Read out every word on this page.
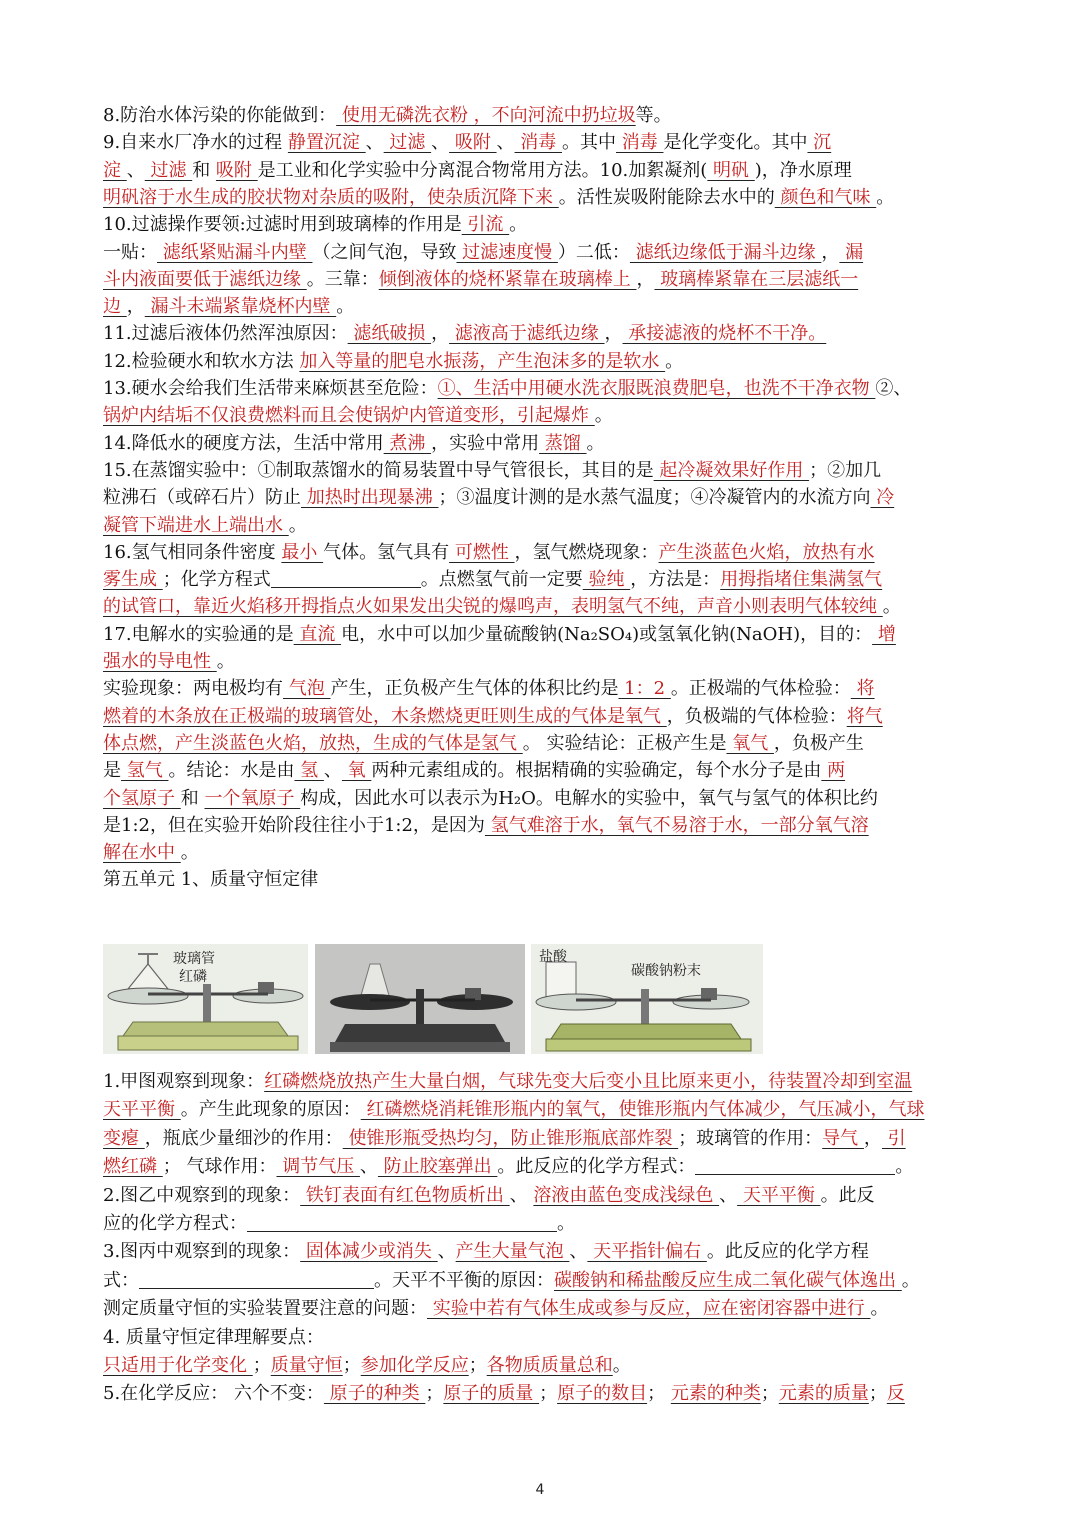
8.防治水体污染的你能做到： 使用无磷洗衣粉 ，不向河流中扔垃圾等。
9.自来水厂净水的过程 静置沉淀 、 过滤 、 吸附 、 消毒 。其中 消毒 是化学变化。其中 沉
淀 、 过滤 和 吸附 是工业和化学实验中分离混合物常用方法。10.加絮凝剂( 明矾 )，净水原理
明矾溶于水生成的胶状物对杂质的吸附，使杂质沉降下来 。活性炭吸附能除去水中的 颜色和气味 。
10.过滤操作要领:过滤时用到玻璃棒的作用是 引流 。
一贴： 滤纸紧贴漏斗内壁 （之间气泡，导致 过滤速度慢 ）二低： 滤纸边缘低于漏斗边缘 ， 漏
斗内液面要低于滤纸边缘 。三靠：倾倒液体的烧杯紧靠在玻璃棒上 ， 玻璃棒紧靠在三层滤纸一
边 ， 漏斗末端紧靠烧杯内壁 。
11.过滤后液体仍然浑浊原因： 滤纸破损 ， 滤液高于滤纸边缘 ， 承接滤液的烧杯不干净。
12.检验硬水和软水方法 加入等量的肥皂水振荡，产生泡沫多的是软水 。
13.硬水会给我们生活带来麻烦甚至危险：①、生活中用硬水洗衣服既浪费肥皂，也洗不干净衣物 ②、
锅炉内结垢不仅浪费燃料而且会使锅炉内管道变形，引起爆炸 。
14.降低水的硬度方法，生活中常用 煮沸 ，实验中常用 蒸馏 。
15.在蒸馏实验中：①制取蒸馏水的简易装置中导气管很长，其目的是 起冷凝效果好作用 ；②加几
粒沸石（或碎石片）防止 加热时出现暴沸 ；③温度计测的是水蒸气温度；④冷凝管内的水流方向 冷
凝管下端进水上端出水 。
16.氢气相同条件密度 最小 气体。氢气具有 可燃性 ，氢气燃烧现象：产生淡蓝色火焰，放热有水
雾生成 ；化学方程式	。点燃氢气前一定要 验纯 ，方法是：用拇指堵住集满氢气
的试管口，靠近火焰移开拇指点火如果发出尖锐的爆鸣声，表明氢气不纯，声音小则表明气体较纯 。
17.电解水的实验通的是 直流 电，水中可以加少量硫酸钠(Na₂SO₄)或氢氧化钠(NaOH)，目的： 增
强水的导电性 。
实验现象：两电极均有 气泡 产生，正负极产生气体的体积比约是 1：2 。正极端的气体检验： 将
燃着的木条放在正极端的玻璃管处，木条燃烧更旺则生成的气体是氧气 ，负极端的气体检验：将气
体点燃，产生淡蓝色火焰，放热，生成的气体是氢气 。 实验结论：正极产生是 氧气 ，负极产生
是 氢气 。结论：水是由 氢 、 氧 两种元素组成的。根据精确的实验确定，每个水分子是由 两
个氢原子 和 一个氧原子 构成，因此水可以表示为H₂O。电解水的实验中，氧气与氢气的体积比约
是1:2，但在实验开始阶段往往小于1:2，是因为 氢气难溶于水，氧气不易溶于水，一部分氧气溶
解在水中 。
第五单元 1、质量守恒定律
玻璃管
红磷
盐酸
碳酸钠粉末
1.甲图观察到现象：红磷燃烧放热产生大量白烟，气球先变大后变小且比原来更小，待装置冷却到室温
天平平衡 。产生此现象的原因： 红磷燃烧消耗锥形瓶内的氧气，使锥形瓶内气体减少，气压减小，气球
变瘪 ，瓶底少量细沙的作用： 使锥形瓶受热均匀，防止锥形瓶底部炸裂 ；玻璃管的作用：导气 ， 引
燃红磷 ； 气球作用： 调节气压 、 防止胶塞弹出 。此反应的化学方程式：	。
2.图乙中观察到的现象： 铁钉表面有红色物质析出 、 溶液由蓝色变成浅绿色 、 天平平衡 。此反
应的化学方程式：	。
3.图丙中观察到的现象： 固体减少或消失 、产生大量气泡 、 天平指针偏右 。此反应的化学方程
式：	。天平不平衡的原因：碳酸钠和稀盐酸反应生成二氧化碳气体逸出 。
测定质量守恒的实验装置要注意的问题： 实验中若有气体生成或参与反应，应在密闭容器中进行 。
4. 质量守恒定律理解要点：
只适用于化学变化 ；质量守恒；参加化学反应；各物质质量总和。
5.在化学反应： 六个不变： 原子的种类 ；原子的质量 ；原子的数目； 元素的种类；元素的质量；反
4
